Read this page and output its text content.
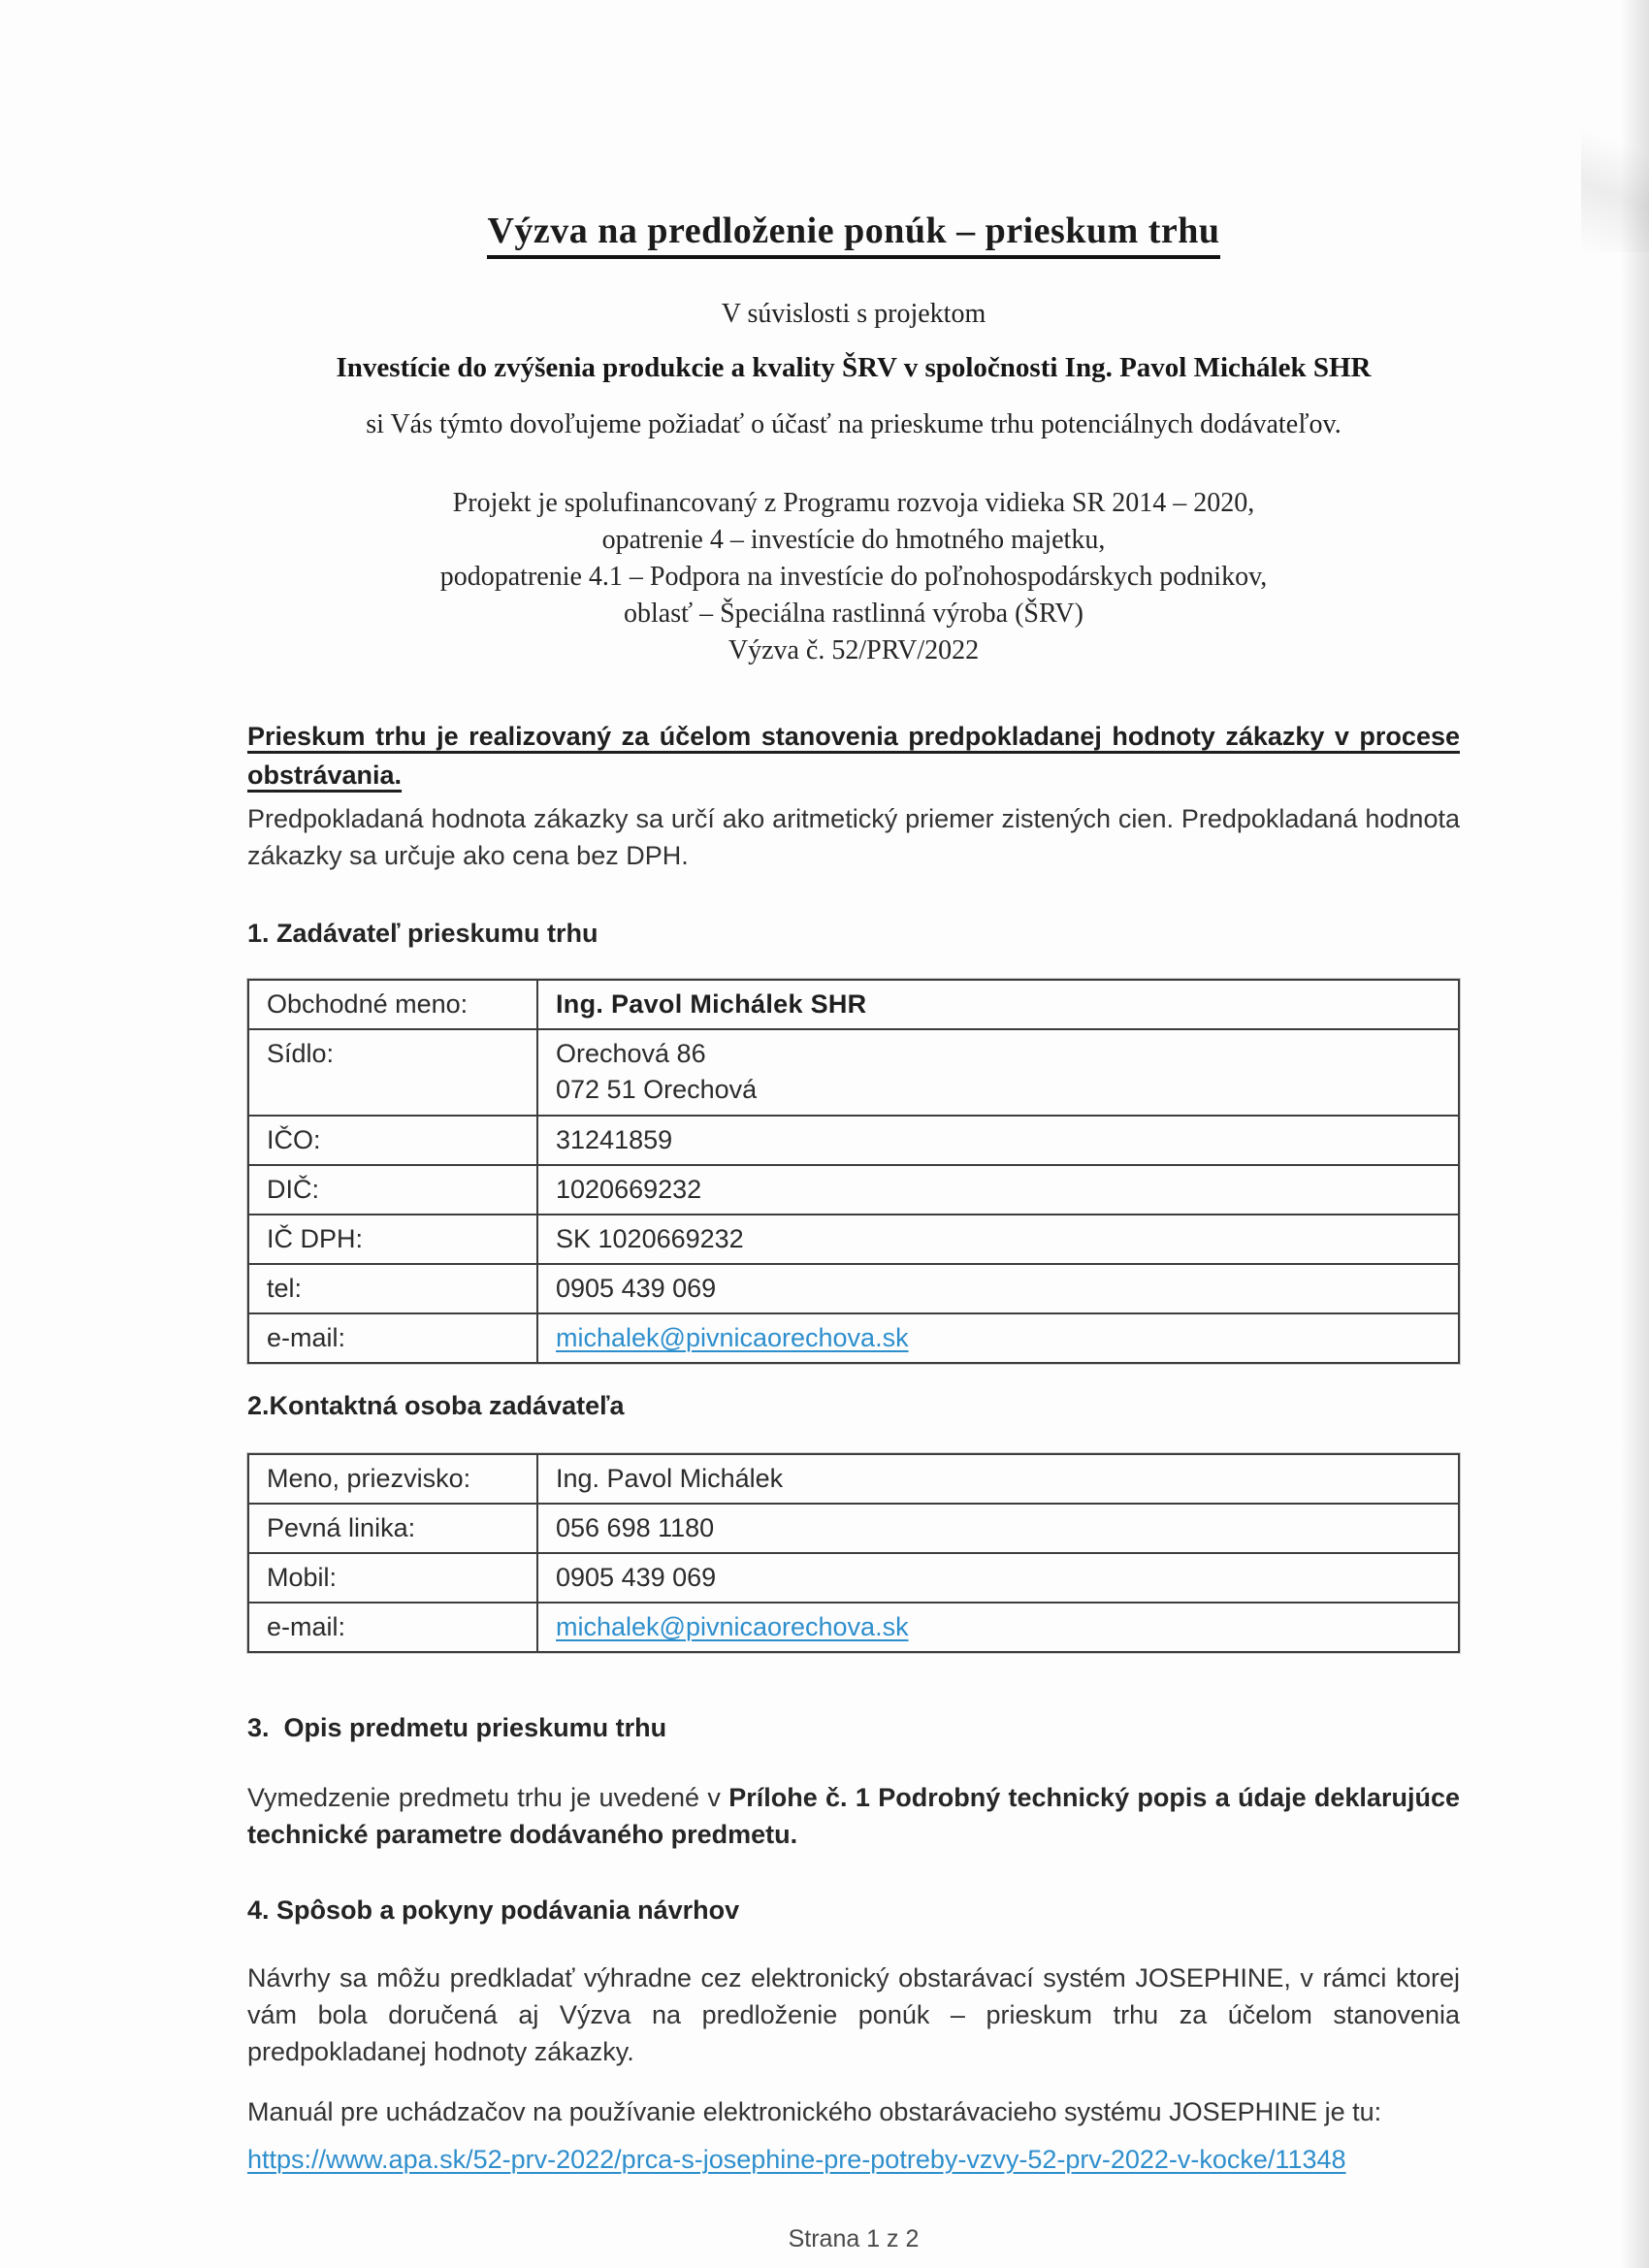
Výzva na predloženie ponúk – prieskum trhu

V súvislosti s projektom

Investície do zvýšenia produkcie a kvality ŠRV v spoločnosti Ing. Pavol Michálek SHR

si Vás týmto dovoľujeme požiadať o účasť na prieskume trhu potenciálnych dodávateľov.

Projekt je spolufinancovaný z Programu rozvoja vidieka SR 2014 – 2020,
opatrenie 4 – investície do hmotného majetku,
podopatrenie 4.1 – Podpora na investície do poľnohospodárskych podnikov,
oblasť – Špeciálna rastlinná výroba (ŠRV)
Výzva č. 52/PRV/2022

Prieskum trhu je realizovaný za účelom stanovenia predpokladanej hodnoty zákazky v procese obstrávania.

Predpokladaná hodnota zákazky sa určí ako aritmetický priemer zistených cien. Predpokladaná hodnota zákazky sa určuje ako cena bez DPH.

1. Zadávateľ prieskumu trhu
Obchodné meno:	Ing. Pavol Michálek SHR
Sídlo:	Orechová 86
072 51 Orechová

IČO:	31241859
DIČ:	1020669232
IČ DPH:	SK 1020669232
tel:	0905 439 069
e-mail:	michalek@pivnicaorechova.sk
2.Kontaktná osoba zadávateľa
Meno, priezvisko:	Ing. Pavol Michálek
Pevná linika:	056 698 1180
Mobil:	0905 439 069
e-mail:	michalek@pivnicaorechova.sk
3.  Opis predmetu prieskumu trhu

Vymedzenie predmetu trhu je uvedené v Prílohe č. 1 Podrobný technický popis a údaje deklarujúce technické parametre dodávaného predmetu.

4. Spôsob a pokyny podávania návrhov

Návrhy sa môžu predkladať výhradne cez elektronický obstarávací systém JOSEPHINE, v rámci ktorej vám bola doručená aj Výzva na predloženie ponúk – prieskum trhu za účelom stanovenia predpokladanej hodnoty zákazky.

Manuál pre uchádzačov na používanie elektronického obstarávacieho systému JOSEPHINE je tu:

https://www.apa.sk/52-prv-2022/prca-s-josephine-pre-potreby-vzvy-52-prv-2022-v-kocke/11348

Strana 1 z 2
